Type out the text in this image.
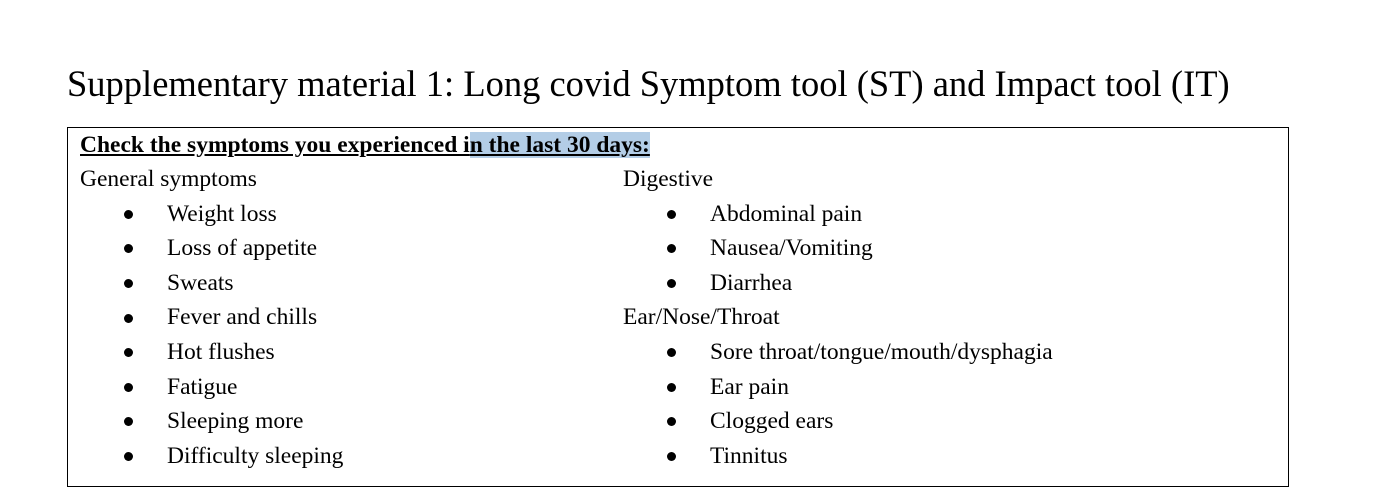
Supplementary material 1: Long covid Symptom tool (ST) and Impact tool (IT)
Check the symptoms you experienced in the last 30 days:
General symptoms
Weight loss
Loss of appetite
Sweats
Fever and chills
Hot flushes
Fatigue
Sleeping more
Difficulty sleeping
Digestive
Abdominal pain
Nausea/Vomiting
Diarrhea
Ear/Nose/Throat
Sore throat/tongue/mouth/dysphagia
Ear pain
Clogged ears
Tinnitus
